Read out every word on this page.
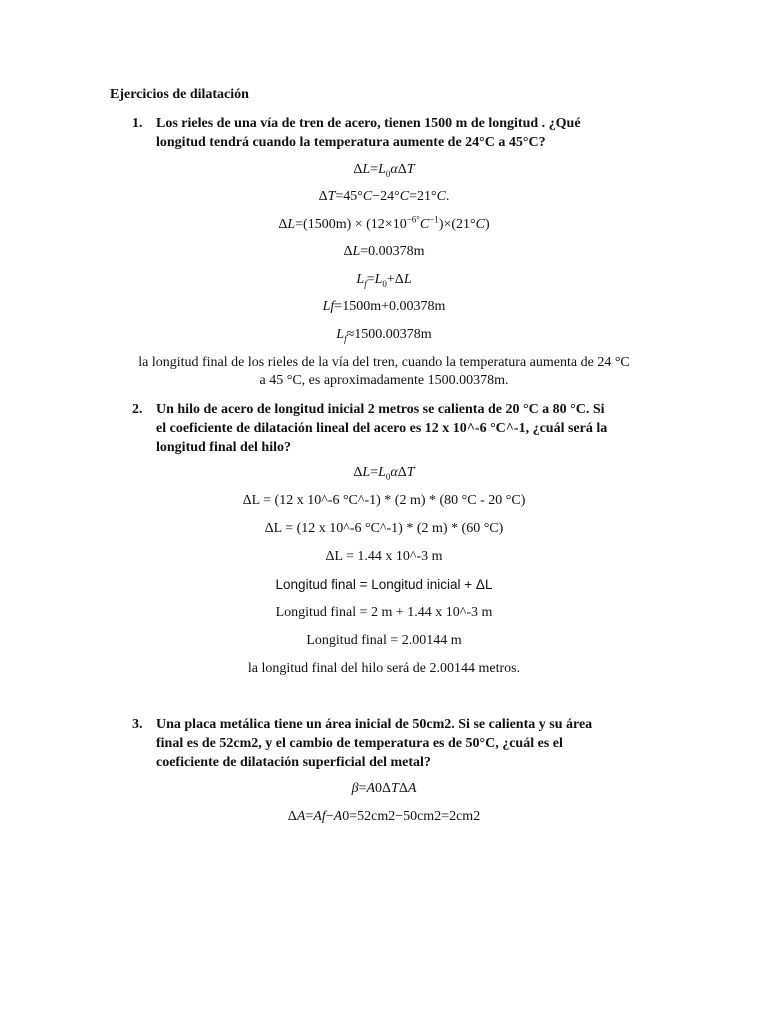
Ejercicios de dilatación
1. Los rieles de una vía de tren de acero, tienen 1500 m de longitud . ¿Qué
longitud tendrá cuando la temperatura aumente de 24°C a 45°C?
$\Delta L=L_0\alpha\Delta T$
ΔT=45°C−24°C=21°C.
$\Delta L=(1500m) \times (12\times 10^{-6^\circ}C^{-1})\times(21^\circ C)$
ΔL=0.00378m
$L_f=L_0+\Delta L$
Lf=1500m+0.00378m
$L_f\approx 1500.00378m$
la longitud final de los rieles de la vía del tren, cuando la temperatura aumenta de 24 °C
a 45 °C, es aproximadamente 1500.00378m.
2. Un hilo de acero de longitud inicial 2 metros se calienta de 20 °C a 80 °C. Si
el coeficiente de dilatación lineal del acero es 12 x 10^-6 °C^-1, ¿cuál será la
longitud final del hilo?
$\Delta L=L_0\alpha\Delta T$
ΔL = (12 x 10^-6 °C^-1) * (2 m) * (80 °C - 20 °C)
ΔL = (12 x 10^-6 °C^-1) * (2 m) * (60 °C)
ΔL = 1.44 x 10^-3 m
Longitud final = Longitud inicial + ΔL
Longitud final = 2 m + 1.44 x 10^-3 m
Longitud final = 2.00144 m
la longitud final del hilo será de 2.00144 metros.
3. Una placa metálica tiene un área inicial de 50cm2. Si se calienta y su área
final es de 52cm2, y el cambio de temperatura es de 50°C, ¿cuál es el
coeficiente de dilatación superficial del metal?
β=A0ΔTΔA
ΔA=Af−A0=52cm2−50cm2=2cm2
